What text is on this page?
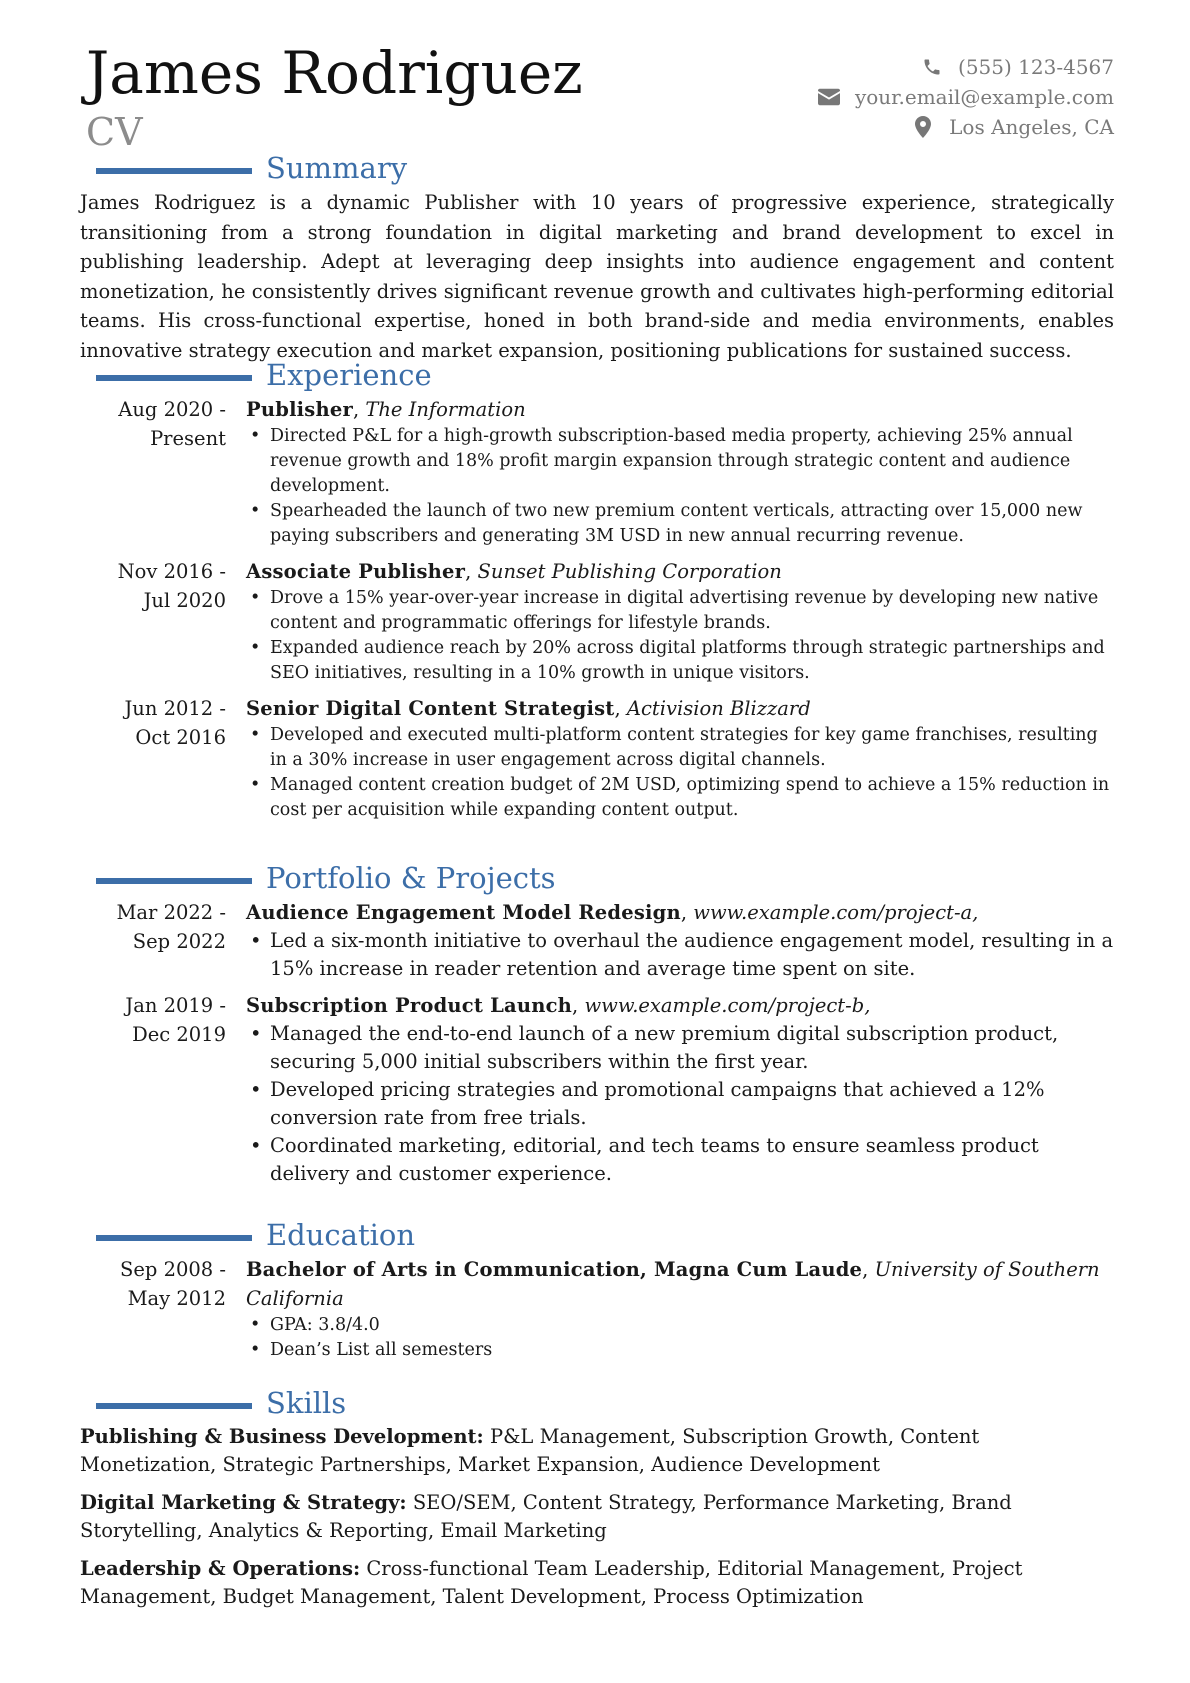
James Rodriguez
CV
(555) 123-4567
your.email@example.com
Los Angeles, CA
Summary
James Rodriguez is a dynamic Publisher with 10 years of progressive experience, strategically transitioning from a strong foundation in digital marketing and brand development to excel in publishing leadership. Adept at leveraging deep insights into audience engagement and content monetization, he consistently drives significant revenue growth and cultivates high-performing editorial teams. His cross-functional expertise, honed in both brand-side and media environments, enables innovative strategy execution and market expansion, positioning publications for sustained success.
Experience
Aug 2020 - Present
Publisher, The Information
• Directed P&L for a high-growth subscription-based media property, achieving 25% annual revenue growth and 18% profit margin expansion through strategic content and audience development.
• Spearheaded the launch of two new premium content verticals, attracting over 15,000 new paying subscribers and generating 3M USD in new annual recurring revenue.
Nov 2016 - Jul 2020
Associate Publisher, Sunset Publishing Corporation
• Drove a 15% year-over-year increase in digital advertising revenue by developing new native content and programmatic offerings for lifestyle brands.
• Expanded audience reach by 20% across digital platforms through strategic partnerships and SEO initiatives, resulting in a 10% growth in unique visitors.
Jun 2012 - Oct 2016
Senior Digital Content Strategist, Activision Blizzard
• Developed and executed multi-platform content strategies for key game franchises, resulting in a 30% increase in user engagement across digital channels.
• Managed content creation budget of 2M USD, optimizing spend to achieve a 15% reduction in cost per acquisition while expanding content output.
Portfolio & Projects
Mar 2022 - Sep 2022
Audience Engagement Model Redesign, www.example.com/project-a,
• Led a six-month initiative to overhaul the audience engagement model, resulting in a 15% increase in reader retention and average time spent on site.
Jan 2019 - Dec 2019
Subscription Product Launch, www.example.com/project-b,
• Managed the end-to-end launch of a new premium digital subscription product, securing 5,000 initial subscribers within the first year.
• Developed pricing strategies and promotional campaigns that achieved a 12% conversion rate from free trials.
• Coordinated marketing, editorial, and tech teams to ensure seamless product delivery and customer experience.
Education
Sep 2008 - May 2012
Bachelor of Arts in Communication, Magna Cum Laude, University of Southern California
• GPA: 3.8/4.0
• Dean’s List all semesters
Skills
Publishing & Business Development: P&L Management, Subscription Growth, Content Monetization, Strategic Partnerships, Market Expansion, Audience Development
Digital Marketing & Strategy: SEO/SEM, Content Strategy, Performance Marketing, Brand Storytelling, Analytics & Reporting, Email Marketing
Leadership & Operations: Cross-functional Team Leadership, Editorial Management, Project Management, Budget Management, Talent Development, Process Optimization
